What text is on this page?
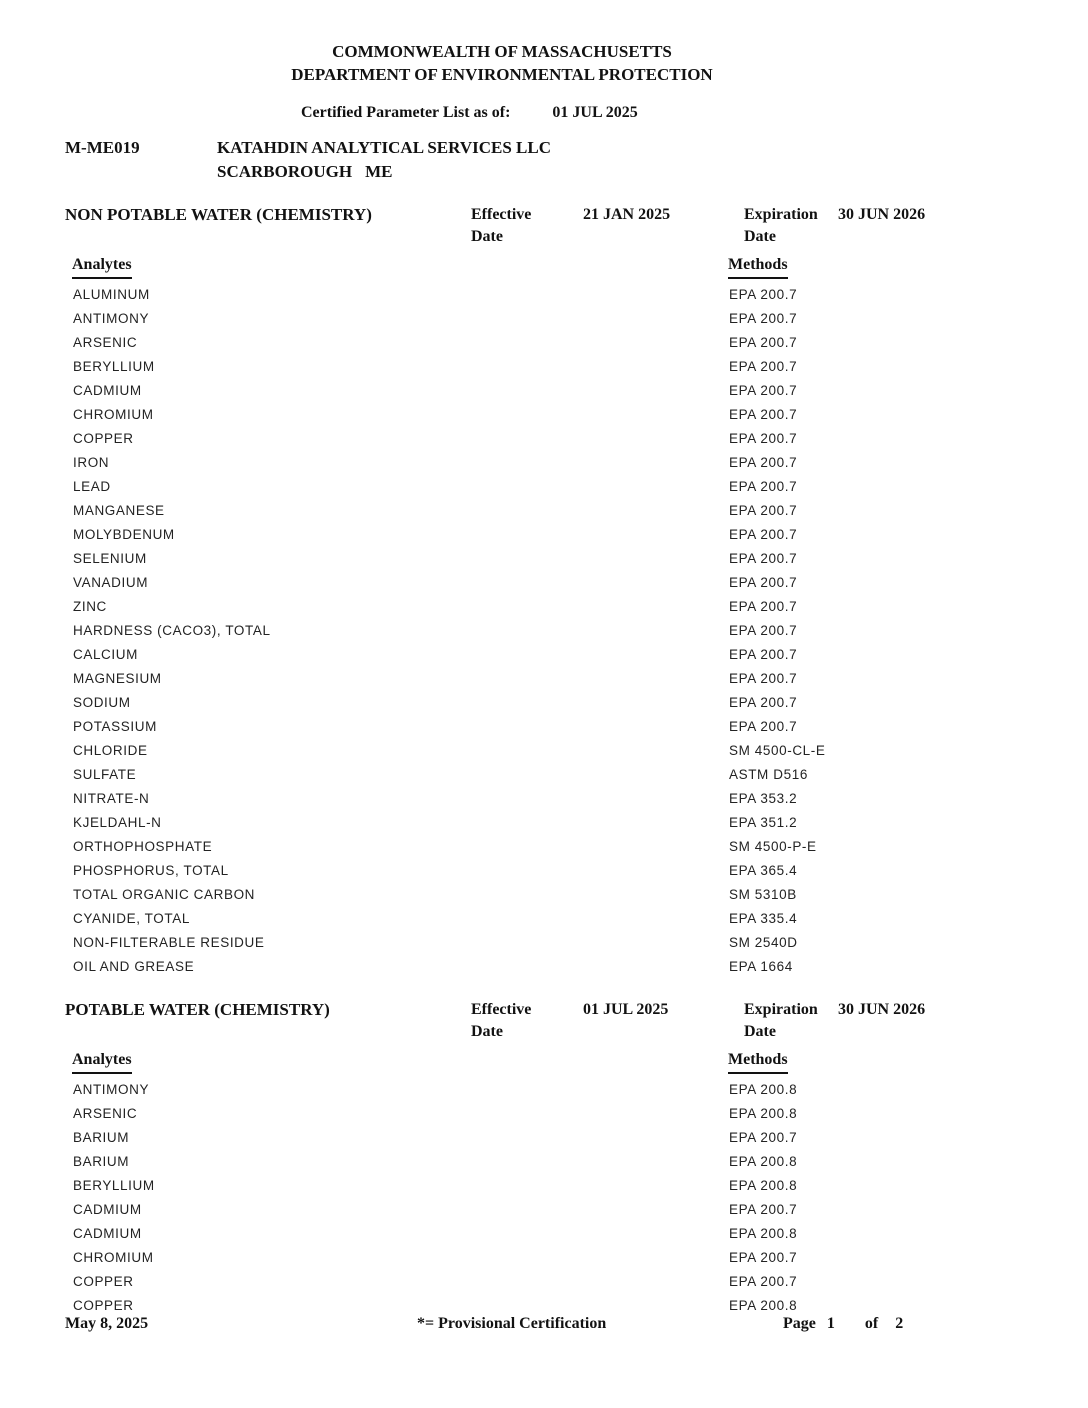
COMMONWEALTH OF MASSACHUSETTS
DEPARTMENT OF ENVIRONMENTAL PROTECTION
Certified Parameter List as of:	01 JUL 2025
M-ME019	KATAHDIN ANALYTICAL SERVICES LLC
SCARBOROUGH ME
NON POTABLE WATER (CHEMISTRY)	Effective
Date
21 JAN 2025	Expiration
Date
30 JUN 2026
Analytes	Methods
ALUMINUM	EPA 200.7
ANTIMONY	EPA 200.7
ARSENIC	EPA 200.7
BERYLLIUM	EPA 200.7
CADMIUM	EPA 200.7
CHROMIUM	EPA 200.7
COPPER	EPA 200.7
IRON	EPA 200.7
LEAD	EPA 200.7
MANGANESE	EPA 200.7
MOLYBDENUM	EPA 200.7
SELENIUM	EPA 200.7
VANADIUM	EPA 200.7
ZINC	EPA 200.7
HARDNESS (CACO3), TOTAL	EPA 200.7
CALCIUM	EPA 200.7
MAGNESIUM	EPA 200.7
SODIUM	EPA 200.7
POTASSIUM	EPA 200.7
CHLORIDE	SM 4500-CL-E
SULFATE	ASTM D516
NITRATE-N	EPA 353.2
KJELDAHL-N	EPA 351.2
ORTHOPHOSPHATE	SM 4500-P-E
PHOSPHORUS, TOTAL	EPA 365.4
TOTAL ORGANIC CARBON	SM 5310B
CYANIDE, TOTAL	EPA 335.4
NON-FILTERABLE RESIDUE	SM 2540D
OIL AND GREASE	EPA 1664
POTABLE WATER (CHEMISTRY)	Effective
Date
01 JUL 2025	Expiration
Date
30 JUN 2026
Analytes	Methods
ANTIMONY	EPA 200.8
ARSENIC	EPA 200.8
BARIUM	EPA 200.7
BARIUM	EPA 200.8
BERYLLIUM	EPA 200.8
CADMIUM	EPA 200.7
CADMIUM	EPA 200.8
CHROMIUM	EPA 200.7
COPPER	EPA 200.7
COPPER	EPA 200.8
May 8, 2025	*= Provisional Certification	Page 1 of 2
